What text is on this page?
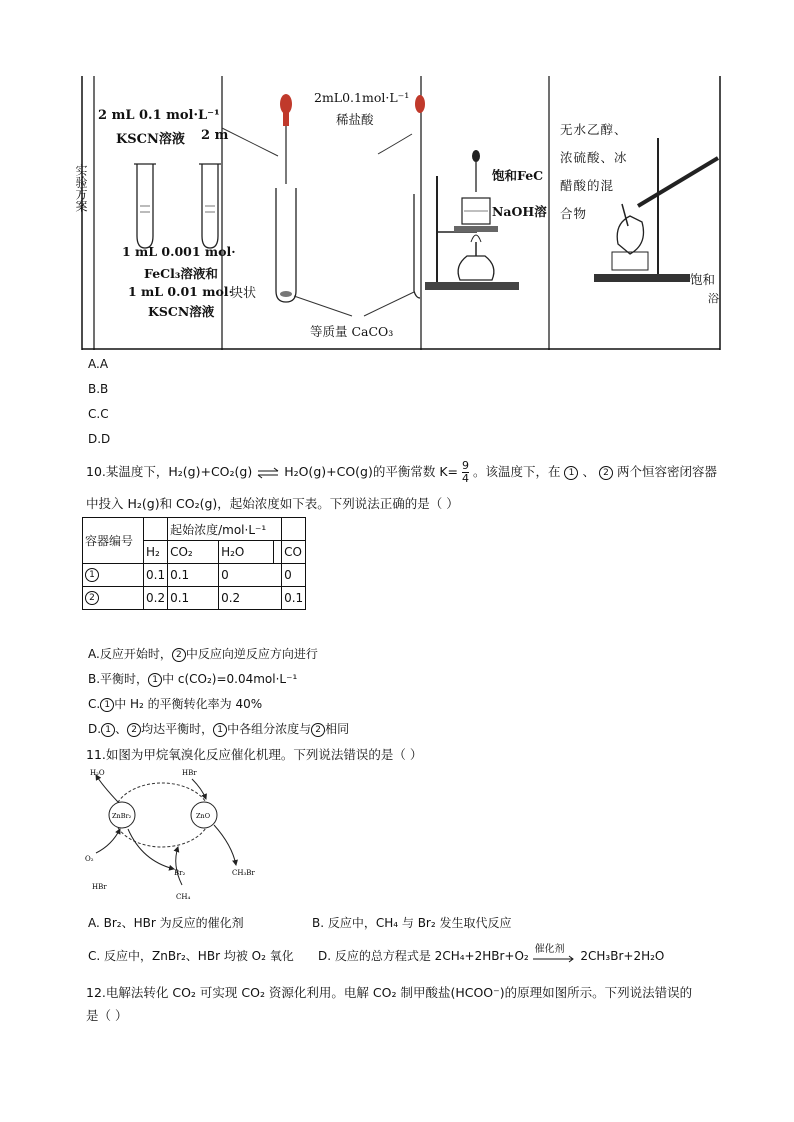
实验方案
2 mL 0.1 mol·L⁻¹
KSCN溶液 2 m
1 mL 0.001 mol·
FeCl₃溶液和
1 mL 0.01 mol·
KSCN溶液
2mL0.1mol·L⁻¹
稀盐酸
块状
等质量 CaCO₃
饱和FeC
NaOH溶
无水乙醇、
浓硫酸、冰
醋酸的混
合物
饱和
浴
A.A
B.B
C.C
D.D
10.某温度下，H₂(g)+CO₂(g) ⇌ H₂O(g)+CO(g)的平衡常数 $K= \frac{9}{4}$ 。该温度下，在 1 、 2 两个恒容密闭容器
中投入 H₂(g)和 CO₂(g)，起始浓度如下表。下列说法正确的是（ ）
容器编号		起始浓度/mol·L⁻¹			
	H₂	CO₂	H₂O		CO
1	0.1	0.1	0		0
2	0.2	0.1	0.2		0.1
A.反应开始时， 2 中反应向逆反应方向进行
B.平衡时， 1 中 c(CO₂)=0.04mol·L⁻¹
C. 1 中 H₂ 的平衡转化率为 40%
D. 1 、 2 均达平衡时， 1 中各组分浓度与 2 相同
11.如图为甲烷氧溴化反应催化机理。下列说法错误的是（ ）
H₂O	HBr
ZnBr₂	ZnO
CH₃Br
O₂
HBr
Br₂
CH₄
A. Br₂、HBr 为反应的催化剂	B. 反应中，CH₄ 与 Br₂ 发生取代反应
C. 反应中，ZnBr₂、HBr 均被 O₂ 氧化 D. 反应的总方程式是 2CH₄+2HBr+O₂ 催化剂 2CH₃Br+2H₂O
12.电解法转化 CO₂ 可实现 CO₂ 资源化利用。电解 CO₂ 制甲酸盐(HCOO⁻)的原理如图所示。下列说法错误的
是（ ）
